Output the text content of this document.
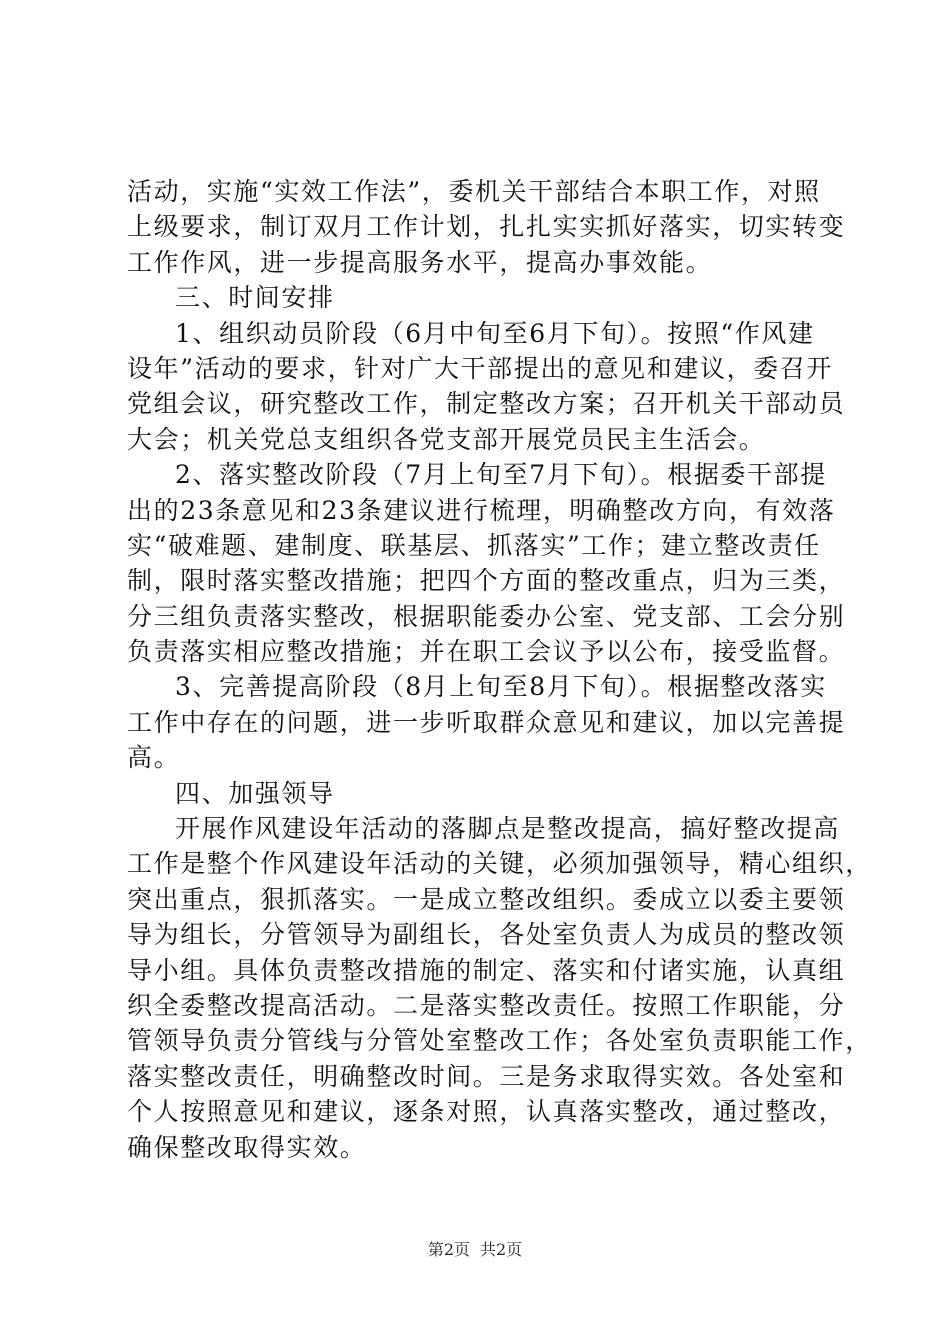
活动，实施“实效工作法”，委机关干部结合本职工作，对照
上级要求，制订双月工作计划，扎扎实实抓好落实，切实转变
工作作风，进一步提高服务水平，提高办事效能。
三、时间安排
1、组织动员阶段（6月中旬至6月下旬）。按照“作风建
设年”活动的要求，针对广大干部提出的意见和建议，委召开
党组会议，研究整改工作，制定整改方案；召开机关干部动员
大会；机关党总支组织各党支部开展党员民主生活会。
2、落实整改阶段（7月上旬至7月下旬）。根据委干部提
出的23条意见和23条建议进行梳理，明确整改方向，有效落
实“破难题、建制度、联基层、抓落实”工作；建立整改责任
制，限时落实整改措施；把四个方面的整改重点，归为三类，
分三组负责落实整改，根据职能委办公室、党支部、工会分别
负责落实相应整改措施；并在职工会议予以公布，接受监督。
3、完善提高阶段（8月上旬至8月下旬）。根据整改落实
工作中存在的问题，进一步听取群众意见和建议，加以完善提
高。
四、加强领导
开展作风建设年活动的落脚点是整改提高，搞好整改提高
工作是整个作风建设年活动的关键，必须加强领导，精心组织，
突出重点，狠抓落实。一是成立整改组织。委成立以委主要领
导为组长，分管领导为副组长，各处室负责人为成员的整改领
导小组。具体负责整改措施的制定、落实和付诸实施，认真组
织全委整改提高活动。二是落实整改责任。按照工作职能，分
管领导负责分管线与分管处室整改工作；各处室负责职能工作，
落实整改责任，明确整改时间。三是务求取得实效。各处室和
个人按照意见和建议，逐条对照，认真落实整改，通过整改，
确保整改取得实效。
第2页 共2页
